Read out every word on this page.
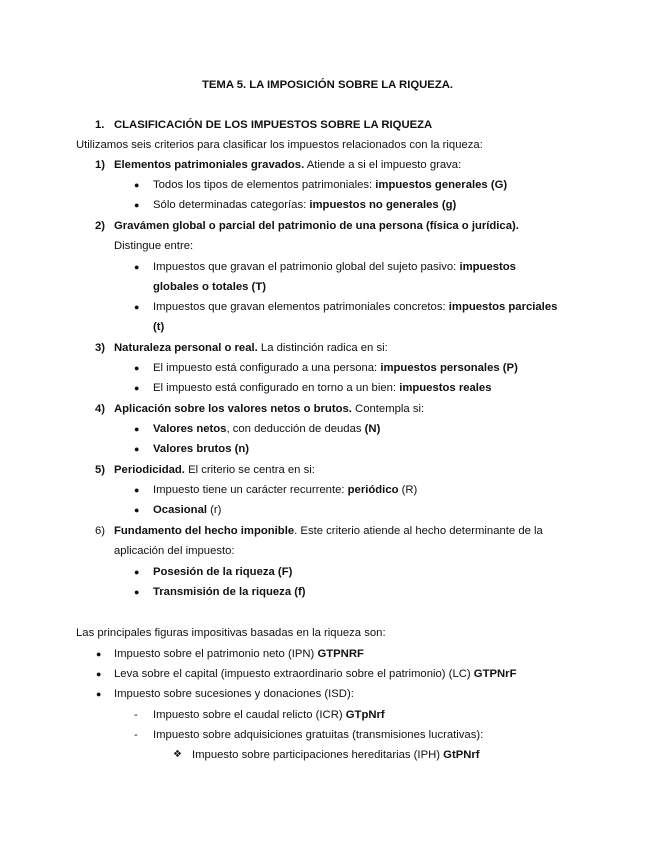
TEMA 5. LA IMPOSICIÓN SOBRE LA RIQUEZA.
1. CLASIFICACIÓN DE LOS IMPUESTOS SOBRE LA RIQUEZA
Utilizamos seis criterios para clasificar los impuestos relacionados con la riqueza:
1) Elementos patrimoniales gravados. Atiende a si el impuesto grava:
● Todos los tipos de elementos patrimoniales: impuestos generales (G)
● Sólo determinadas categorías: impuestos no generales (g)
2) Gravámen global o parcial del patrimonio de una persona (física o jurídica).
Distingue entre:
● Impuestos que gravan el patrimonio global del sujeto pasivo: impuestos
globales o totales (T)
● Impuestos que gravan elementos patrimoniales concretos: impuestos parciales
(t)
3) Naturaleza personal o real. La distinción radica en si:
● El impuesto está configurado a una persona: impuestos personales (P)
● El impuesto está configurado en torno a un bien: impuestos reales
4) Aplicación sobre los valores netos o brutos. Contempla si:
● Valores netos, con deducción de deudas (N)
● Valores brutos (n)
5) Periodicidad. El criterio se centra en si:
● Impuesto tiene un carácter recurrente: periódico (R)
● Ocasional (r)
6) Fundamento del hecho imponible. Este criterio atiende al hecho determinante de la
aplicación del impuesto:
● Posesión de la riqueza (F)
● Transmisión de la riqueza (f)
Las principales figuras impositivas basadas en la riqueza son:
● Impuesto sobre el patrimonio neto (IPN) GTPNRF
● Leva sobre el capital (impuesto extraordinario sobre el patrimonio) (LC) GTPNrF
● Impuesto sobre sucesiones y donaciones (ISD):
- Impuesto sobre el caudal relicto (ICR) GTpNrf
- Impuesto sobre adquisiciones gratuitas (transmisiones lucrativas):
❖ Impuesto sobre participaciones hereditarias (IPH) GtPNrf
